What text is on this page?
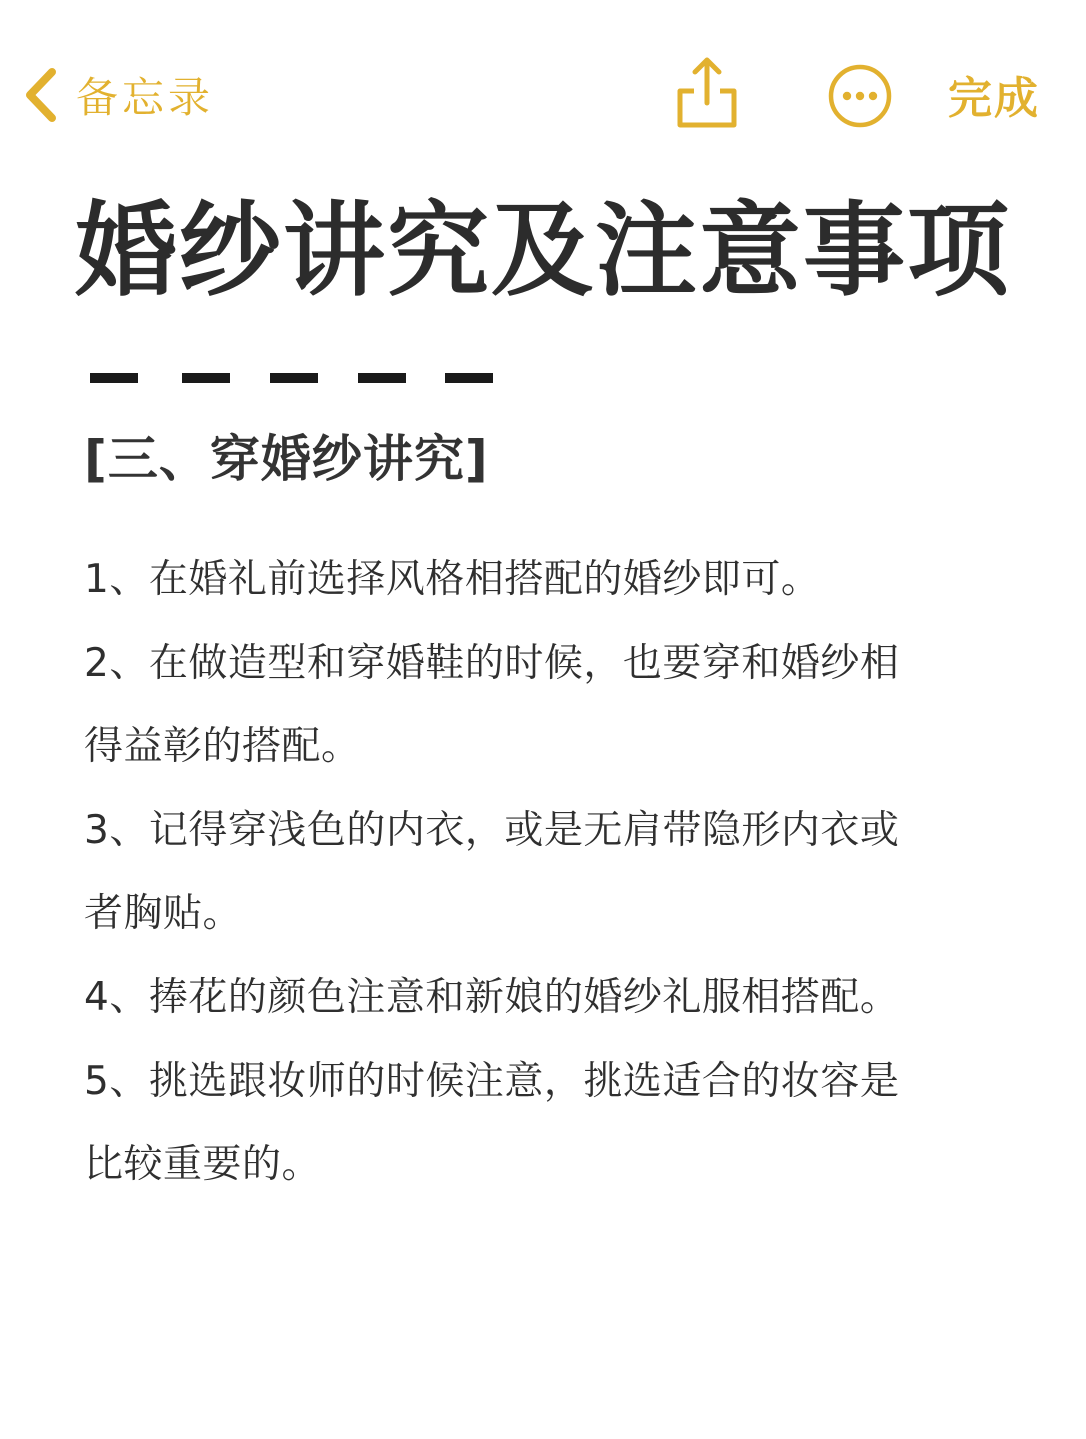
备忘录	完成
婚纱讲究及注意事项
[三、穿婚纱讲究]
1、在婚礼前选择风格相搭配的婚纱即可。
2、在做造型和穿婚鞋的时候，也要穿和婚纱相
得益彰的搭配。
3、记得穿浅色的内衣，或是无肩带隐形内衣或
者胸贴。
4、捧花的颜色注意和新娘的婚纱礼服相搭配。
5、挑选跟妆师的时候注意，挑选适合的妆容是
比较重要的。
